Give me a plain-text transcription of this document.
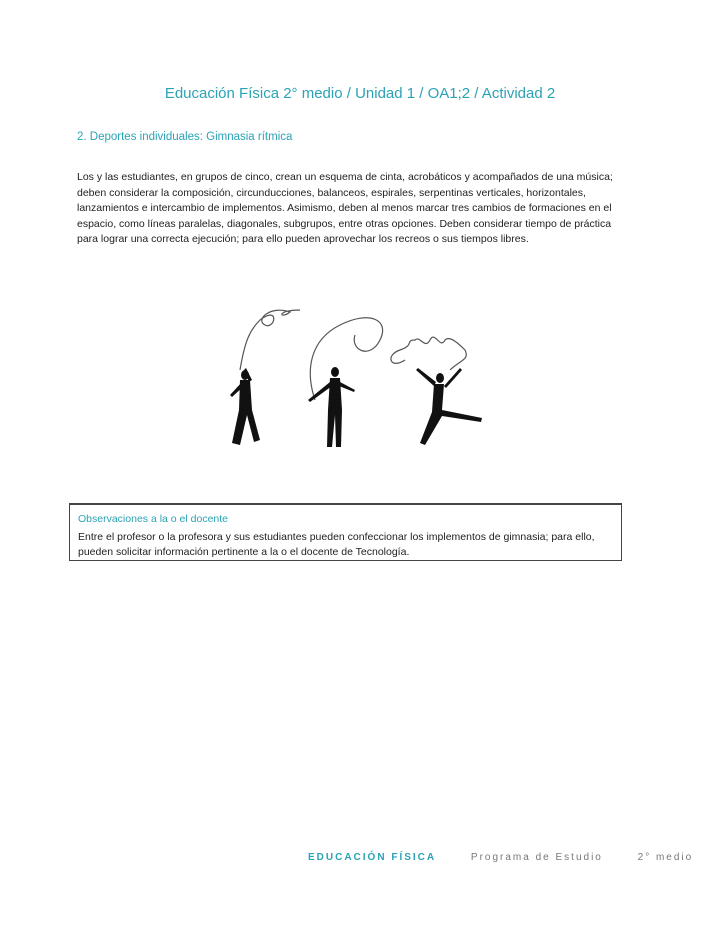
Educación Física 2° medio / Unidad 1 / OA1;2 / Actividad 2
2. Deportes individuales: Gimnasia rítmica
Los y las estudiantes, en grupos de cinco, crean un esquema de cinta, acrobáticos y acompañados de una música; deben considerar la composición, circunducciones, balanceos, espirales, serpentinas verticales, horizontales, lanzamientos e intercambio de implementos. Asimismo, deben al menos marcar tres cambios de formaciones en el espacio, como líneas paralelas, diagonales, subgrupos, entre otras opciones. Deben considerar tiempo de práctica para lograr una correcta ejecución; para ello pueden aprovechar los recreos o sus tiempos libres.
Observaciones a la o el docente
Entre el profesor o la profesora y sus estudiantes pueden confeccionar los implementos de gimnasia; para ello, pueden solicitar información pertinente a la o el docente de Tecnología.
EDUCACIÓN FÍSICA	Programa de Estudio	2° medio
